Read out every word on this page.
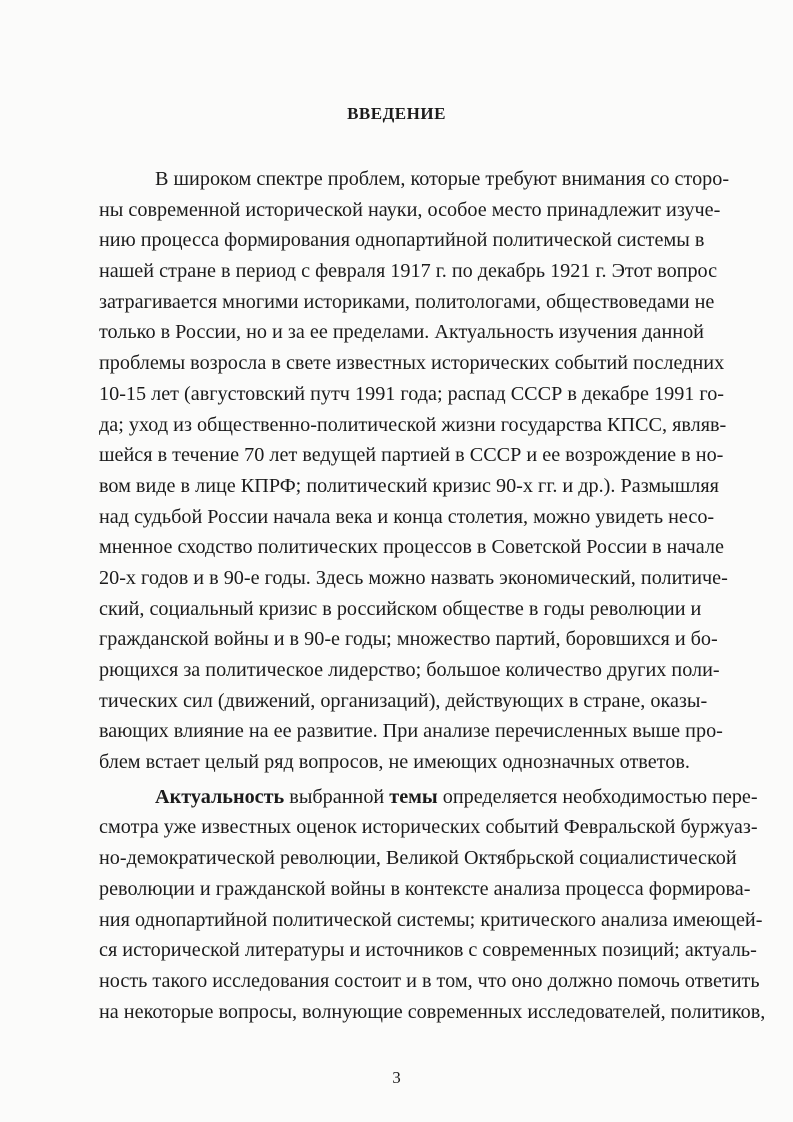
ВВЕДЕНИЕ
В широком спектре проблем, которые требуют внимания со сторо-
ны современной исторической науки, особое место принадлежит изуче-
нию процесса формирования однопартийной политической системы в
нашей стране в период с февраля 1917 г. по декабрь 1921 г. Этот вопрос
затрагивается многими историками, политологами, обществоведами не
только в России, но и за ее пределами. Актуальность изучения данной
проблемы возросла в свете известных исторических событий последних
10-15 лет (августовский путч 1991 года; распад СССР в декабре 1991 го-
да; уход из общественно-политической жизни государства КПСС, являв-
шейся в течение 70 лет ведущей партией в СССР и ее возрождение в но-
вом виде в лице КПРФ; политический кризис 90-х гг. и др.). Размышляя
над судьбой России начала века и конца столетия, можно увидеть несо-
мненное сходство политических процессов в Советской России в начале
20-х годов и в 90-е годы. Здесь можно назвать экономический, политиче-
ский, социальный кризис в российском обществе в годы революции и
гражданской войны и в 90-е годы; множество партий, боровшихся и бо-
рющихся за политическое лидерство; большое количество других поли-
тических сил (движений, организаций), действующих в стране, оказы-
вающих влияние на ее развитие. При анализе перечисленных выше про-
блем встает целый ряд вопросов, не имеющих однозначных ответов.
Актуальность выбранной темы определяется необходимостью пере-
смотра уже известных оценок исторических событий Февральской буржуаз-
но-демократической революции, Великой Октябрьской социалистической
революции и гражданской войны в контексте анализа процесса формирова-
ния однопартийной политической системы; критического анализа имеющей-
ся исторической литературы и источников с современных позиций; актуаль-
ность такого исследования состоит и в том, что оно должно помочь ответить
на некоторые вопросы, волнующие современных исследователей, политиков,
3
